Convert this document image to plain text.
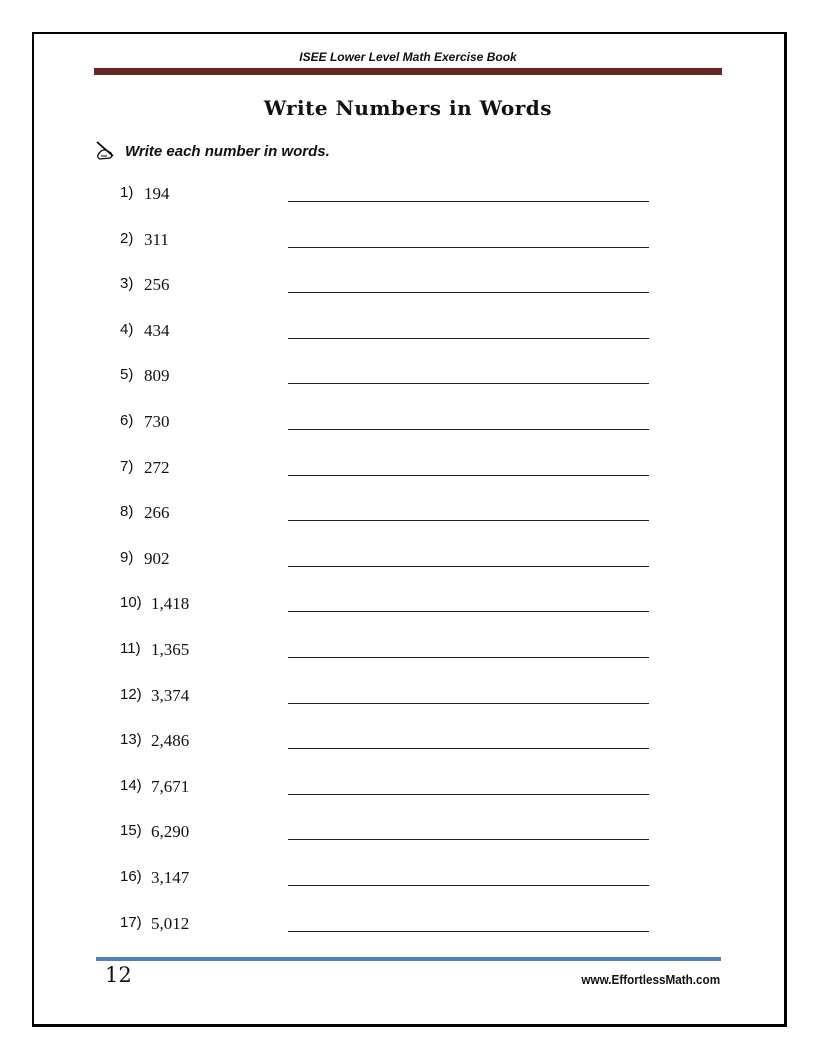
ISEE Lower Level Math Exercise Book
Write Numbers in Words
Write each number in words.
1) 194
2) 311
3) 256
4) 434
5) 809
6) 730
7) 272
8) 266
9) 902
10) 1,418
11) 1,365
12) 3,374
13) 2,486
14) 7,671
15) 6,290
16) 3,147
17) 5,012
12	www.EffortlessMath.com
